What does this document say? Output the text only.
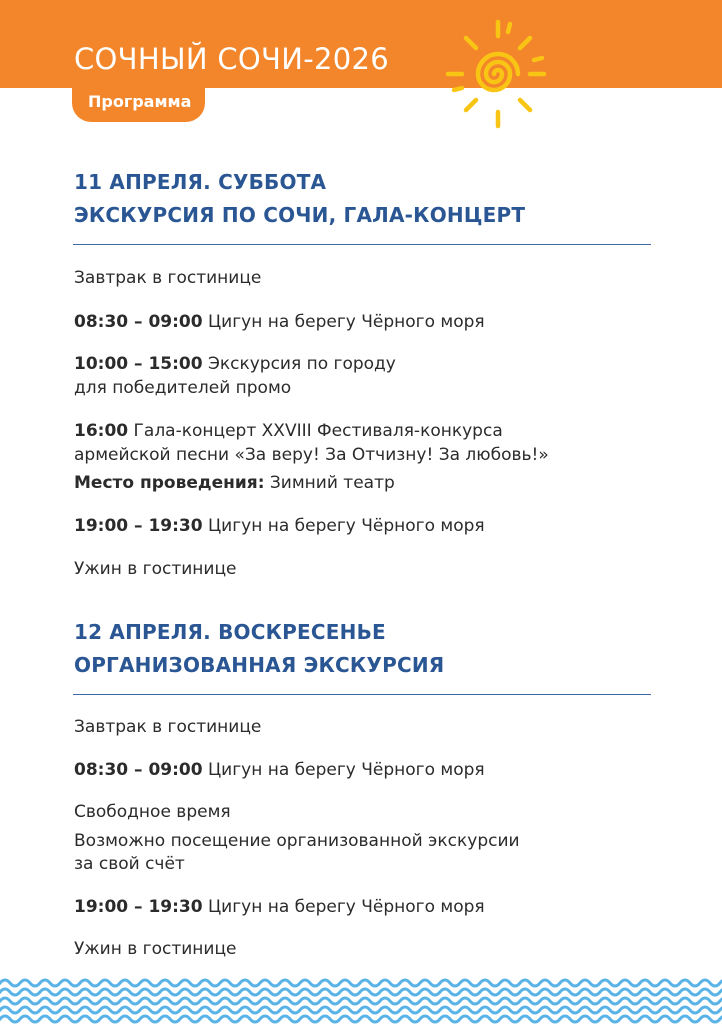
СОЧНЫЙ СОЧИ-2026
Программа
11 АПРЕЛЯ. СУББОТА
ЭКСКУРСИЯ ПО СОЧИ, ГАЛА-КОНЦЕРТ
Завтрак в гостинице
08:30 – 09:00 Цигун на берегу Чёрного моря
10:00 – 15:00 Экскурсия по городу
для победителей промо
16:00 Гала-концерт XXVIII Фестиваля-конкурса
армейской песни «За веру! За Отчизну! За любовь!»
Место проведения: Зимний театр
19:00 – 19:30 Цигун на берегу Чёрного моря
Ужин в гостинице
12 АПРЕЛЯ. ВОСКРЕСЕНЬЕ
ОРГАНИЗОВАННАЯ ЭКСКУРСИЯ
Завтрак в гостинице
08:30 – 09:00 Цигун на берегу Чёрного моря
Свободное время
Возможно посещение организованной экскурсии
за свой счёт
19:00 – 19:30 Цигун на берегу Чёрного моря
Ужин в гостинице
